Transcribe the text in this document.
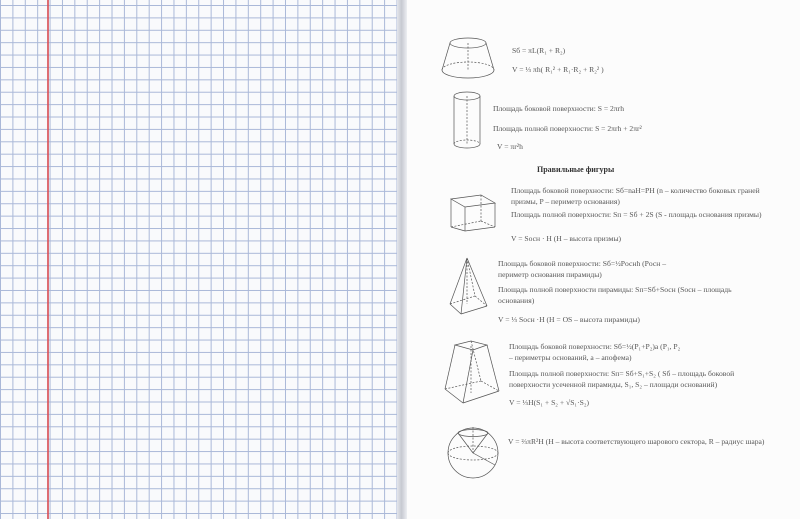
Sб = πL(R₁ + R₂)
V = ⅓ πh( R₁² + R₁·R₂ + R₂² )
Площадь боковой поверхности: S = 2πrh
Площадь полной поверхности: S = 2πrh + 2πr²
V = πr²h
Правильные фигуры
Площадь боковой поверхности: Sб=naH=PH (n – количество боковых граней призмы, P – периметр основания)
Площадь полной поверхности: Sп = Sб + 2S (S - площадь основания призмы)
V = Sосн · H (H – высота призмы)
Площадь боковой поверхности: Sб=½Pоснh (Pосн – периметр основания пирамиды)
Площадь полной поверхности пирамиды: Sп=Sб+Sосн (Sосн – площадь основания)
V = ⅓ Sосн ·H (H = OS – высота пирамиды)
Площадь боковой поверхности: Sб=½(P₁+P₂)a (P₁, P₂ – периметры оснований, a – апофема)
Площадь полной поверхности: Sп= Sб+S₁+S₂ ( Sб – площадь боковой поверхности усеченной пирамиды, S₁, S₂ – площади оснований)
V = ⅓H(S₁ + S₂ + √S₁·S₂)
V = ⅔πR²H (H – высота соответствующего шарового сектора, R – радиус шара)
